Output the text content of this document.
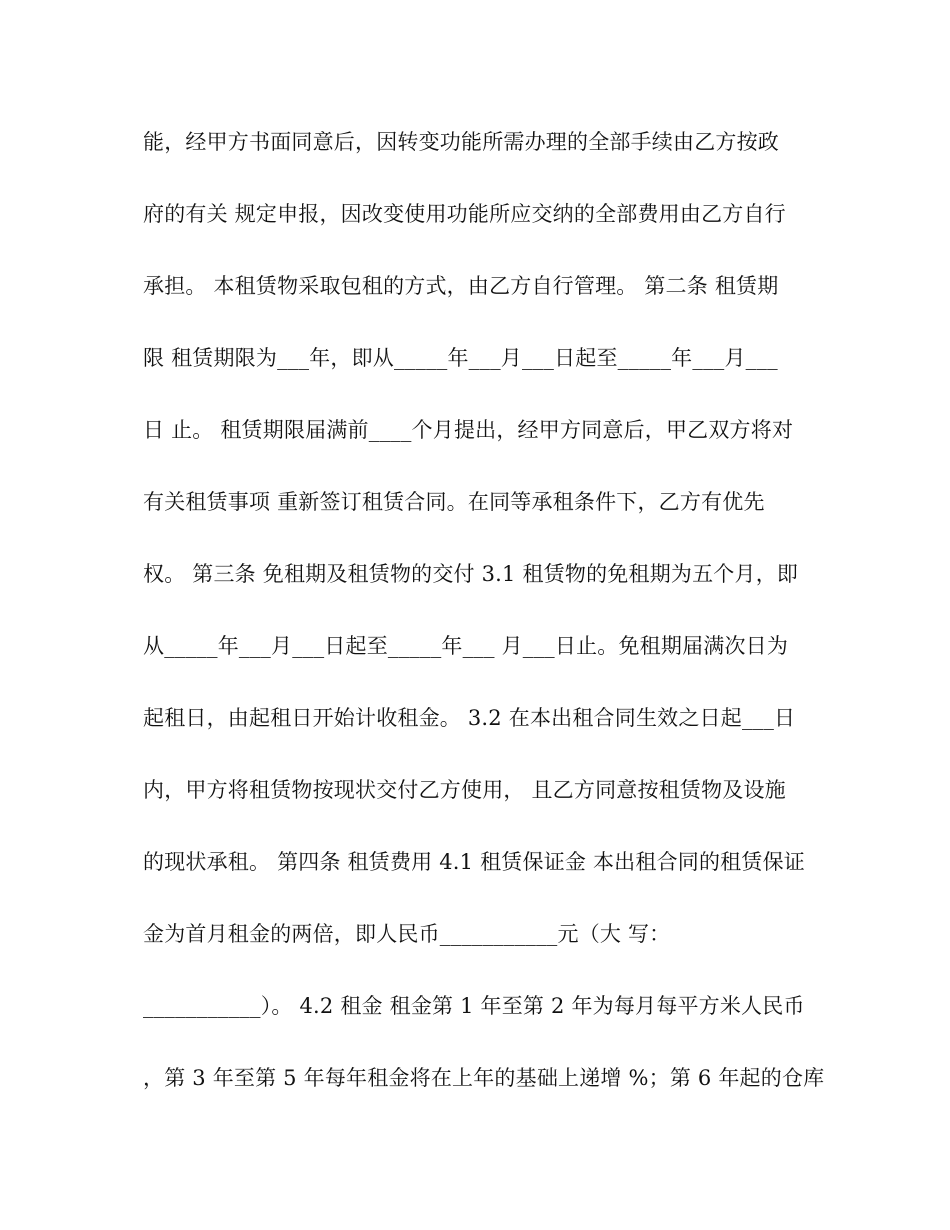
能，经甲方书面同意后，因转变功能所需办理的全部手续由乙方按政
府的有关 规定申报，因改变使用功能所应交纳的全部费用由乙方自行
承担。 本租赁物采取包租的方式，由乙方自行管理。 第二条 租赁期
限 租赁期限为___年，即从_____年___月___日起至_____年___月___
日 止。 租赁期限届满前____个月提出，经甲方同意后，甲乙双方将对
有关租赁事项 重新签订租赁合同。在同等承租条件下，乙方有优先
权。 第三条 免租期及租赁物的交付 3.1 租赁物的免租期为五个月，即
从_____年___月___日起至_____年___ 月___日止。免租期届满次日为
起租日，由起租日开始计收租金。 3.2 在本出租合同生效之日起___日
内，甲方将租赁物按现状交付乙方使用， 且乙方同意按租赁物及设施
的现状承租。 第四条 租赁费用 4.1 租赁保证金 本出租合同的租赁保证
金为首月租金的两倍，即人民币___________元（大 写：
___________）。 4.2 租金 租金第 1 年至第 2 年为每月每平方米人民币
，第 3 年至第 5 年每年租金将在上年的基础上递增 %；第 6 年起的仓库
